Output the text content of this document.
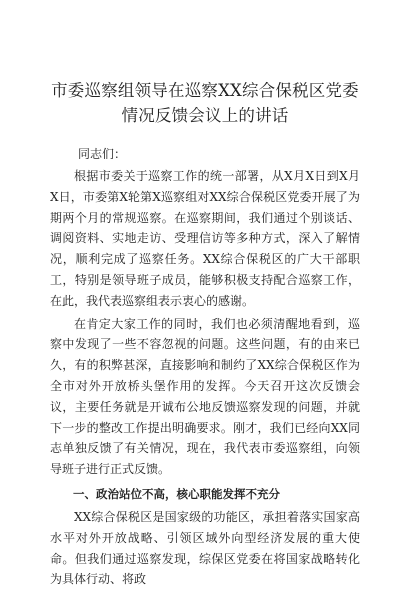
市委巡察组领导在巡察XX综合保税区党委情况反馈会议上的讲话

同志们：

根据市委关于巡察工作的统一部署，从X月X日到X月X日，市委第X轮第X巡察组对XX综合保税区党委开展了为期两个月的常规巡察。在巡察期间，我们通过个别谈话、调阅资料、实地走访、受理信访等多种方式，深入了解情况，顺利完成了巡察任务。XX综合保税区的广大干部职工，特别是领导班子成员，能够积极支持配合巡察工作，在此，我代表巡察组表示衷心的感谢。

在肯定大家工作的同时，我们也必须清醒地看到，巡察中发现了一些不容忽视的问题。这些问题，有的由来已久，有的积弊甚深，直接影响和制约了XX综合保税区作为全市对外开放桥头堡作用的发挥。今天召开这次反馈会议，主要任务就是开诚布公地反馈巡察发现的问题，并就下一步的整改工作提出明确要求。刚才，我们已经向XX同志单独反馈了有关情况，现在，我代表市委巡察组，向领导班子进行正式反馈。

一、政治站位不高，核心职能发挥不充分

XX综合保税区是国家级的功能区，承担着落实国家高水平对外开放战略、引领区域外向型经济发展的重大使命。但我们通过巡察发现，综保区党委在将国家战略转化为具体行动、将政
